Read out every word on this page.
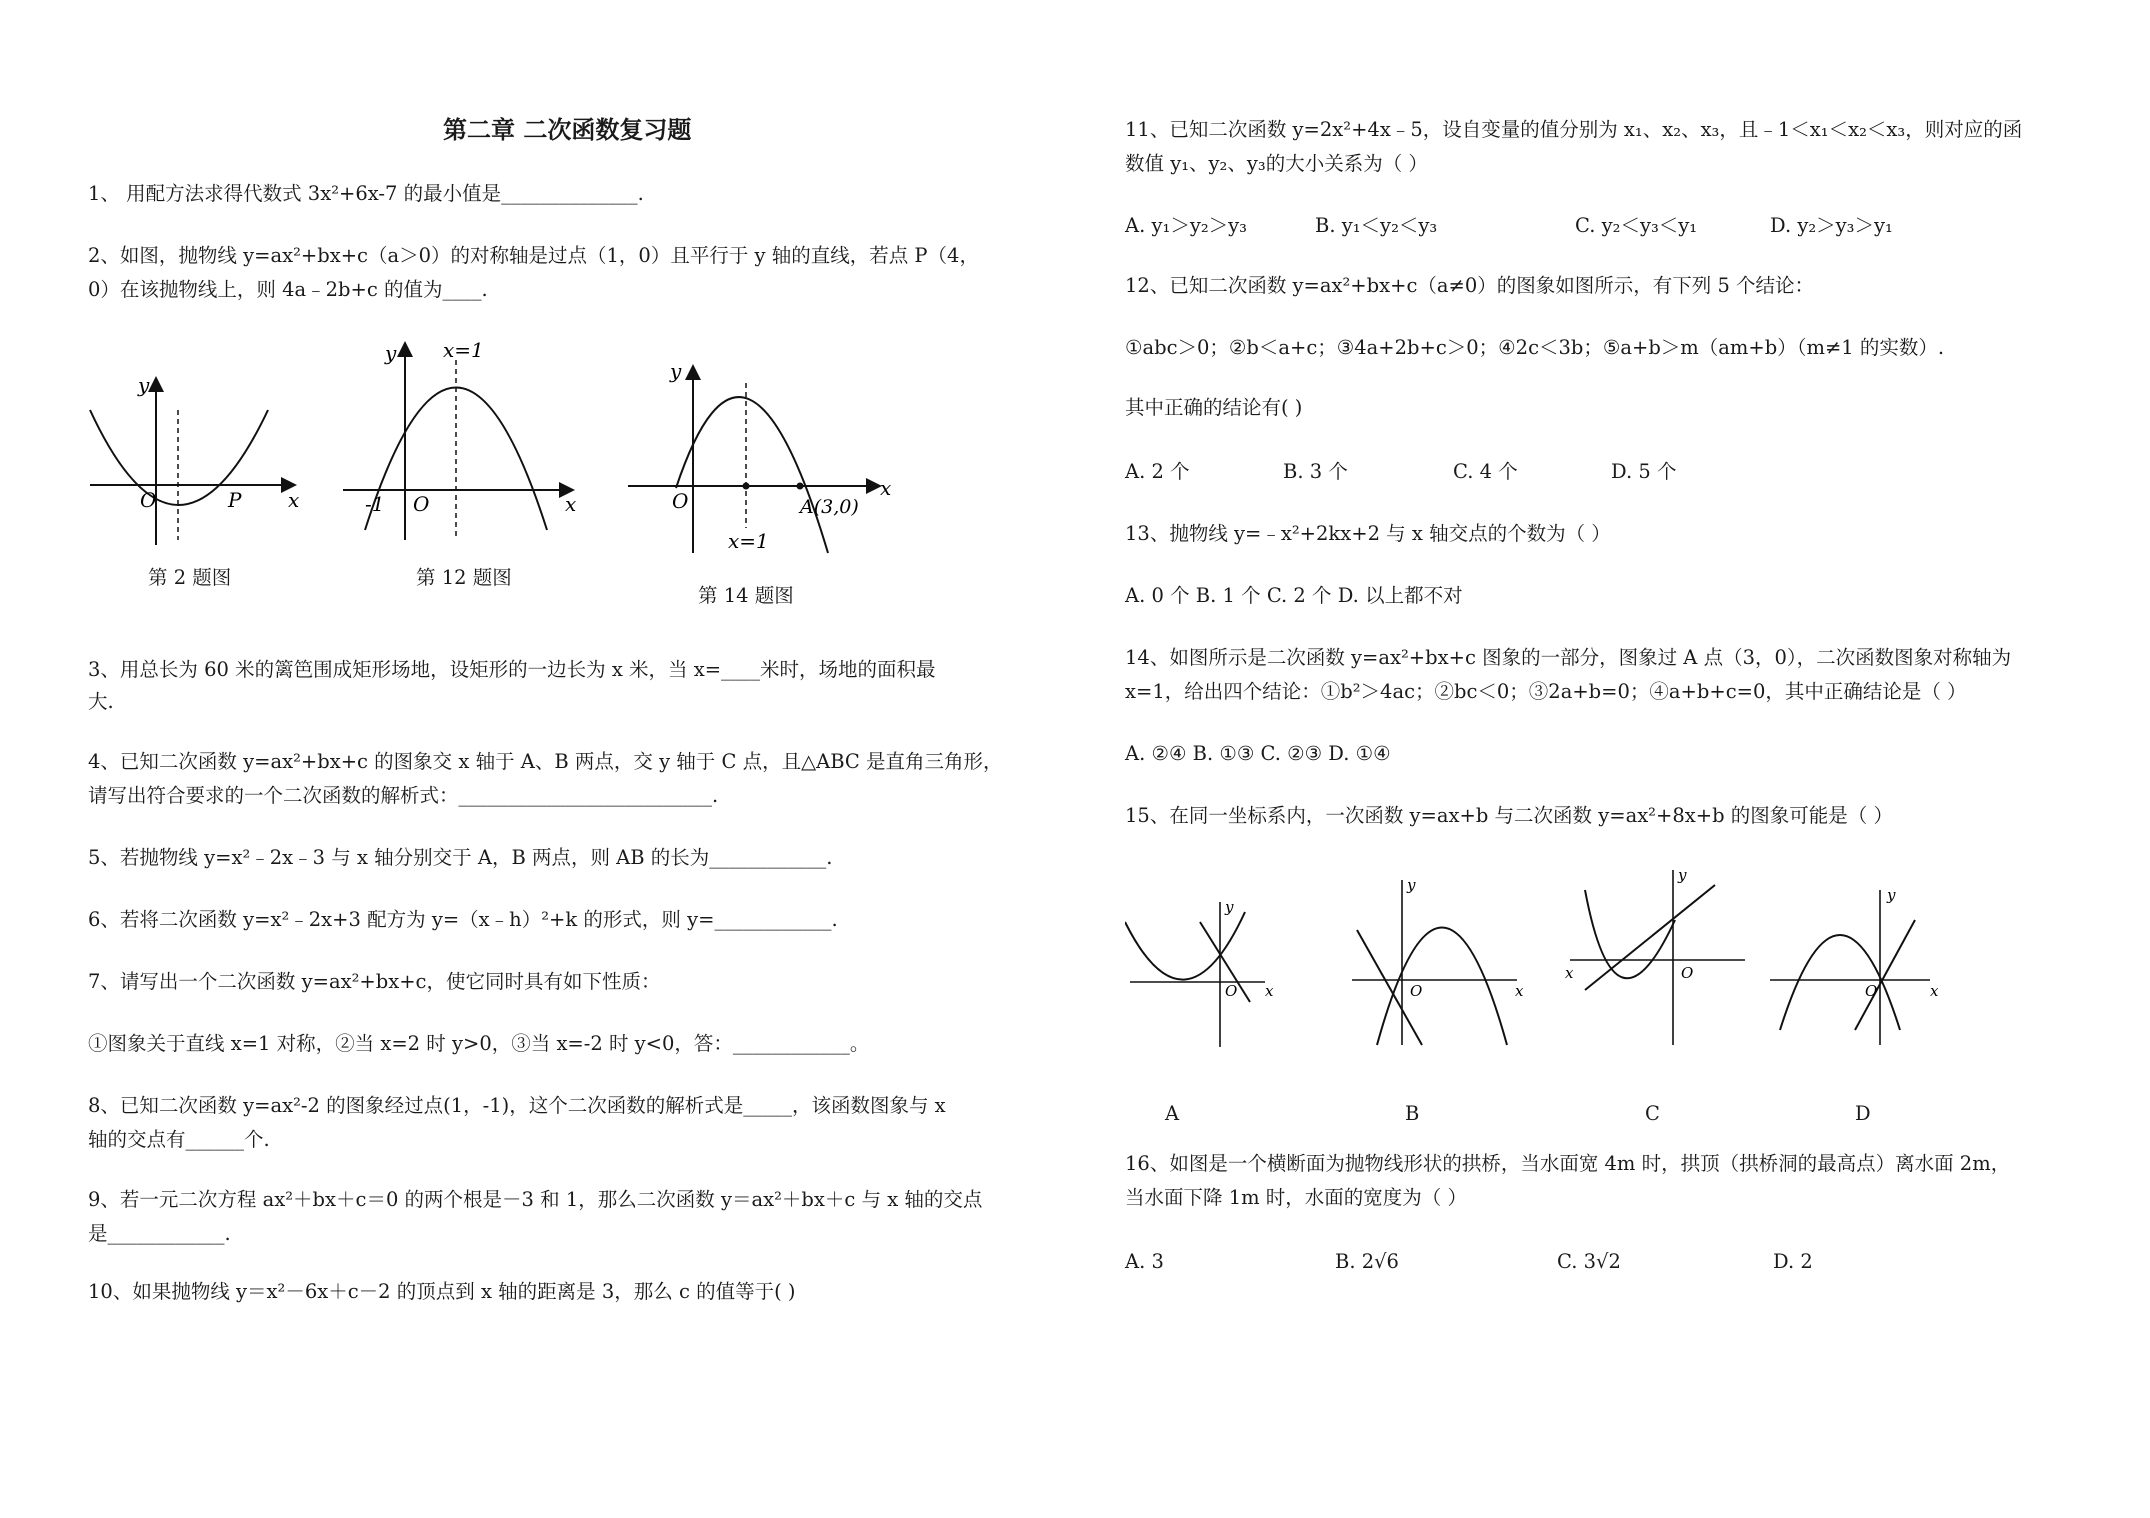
第二章 二次函数复习题
1、 用配方法求得代数式 3x²+6x-7 的最小值是______________.
2、如图，抛物线 y=ax²+bx+c（a＞0）的对称轴是过点（1，0）且平行于 y 轴的直线，若点 P（4，
0）在该抛物线上，则 4a﹣2b+c 的值为____.
y
x
O	P
第 2 题图
y x=1
x
O
-1
第 12 题图
y
x
O	A(3,0)
x=1
第 14 题图
3、用总长为 60 米的篱笆围成矩形场地，设矩形的一边长为 x 米，当 x=____米时，场地的面积最
大.
4、已知二次函数 y=ax²+bx+c 的图象交 x 轴于 A、B 两点，交 y 轴于 C 点，且△ABC 是直角三角形，
请写出符合要求的一个二次函数的解析式：__________________________.
5、若抛物线 y=x²﹣2x﹣3 与 x 轴分别交于 A，B 两点，则 AB 的长为____________.
6、若将二次函数 y=x²﹣2x+3 配方为 y=（x﹣h）²+k 的形式，则 y=____________.
7、请写出一个二次函数 y=ax²+bx+c，使它同时具有如下性质：
①图象关于直线 x=1 对称，②当 x=2 时 y>0，③当 x=-2 时 y<0，答：____________。
8、已知二次函数 y=ax²-2 的图象经过点(1，-1)，这个二次函数的解析式是_____，该函数图象与 x
轴的交点有______个.
9、若一元二次方程 ax²＋bx＋c＝0 的两个根是－3 和 1，那么二次函数 y＝ax²＋bx＋c 与 x 轴的交点
是____________.
10、如果抛物线 y＝x²－6x＋c－2 的顶点到 x 轴的距离是 3，那么 c 的值等于( )
11、已知二次函数 y=2x²+4x﹣5，设自变量的值分别为 x₁、x₂、x₃，且﹣1＜x₁＜x₂＜x₃，则对应的函
数值 y₁、y₂、y₃的大小关系为（ ）
A. y₁＞y₂＞y₃	B. y₁＜y₂＜y₃	C. y₂＜y₃＜y₁	D. y₂＞y₃＞y₁
12、已知二次函数 y=ax²+bx+c（a≠0）的图象如图所示，有下列 5 个结论：
①abc＞0；②b＜a+c；③4a+2b+c＞0；④2c＜3b；⑤a+b＞m（am+b）（m≠1 的实数）.
其中正确的结论有( )
A. 2 个	B. 3 个	C. 4 个	D. 5 个
13、抛物线 y=﹣x²+2kx+2 与 x 轴交点的个数为（ ）
A. 0 个 B. 1 个 C. 2 个 D. 以上都不对
14、如图所示是二次函数 y=ax²+bx+c 图象的一部分，图象过 A 点（3，0），二次函数图象对称轴为
x=1，给出四个结论：①b²＞4ac；②bc＜0；③2a+b=0；④a+b+c=0，其中正确结论是（ ）
A. ②④ B. ①③ C. ②③ D. ①④
15、在同一坐标系内，一次函数 y=ax+b 与二次函数 y=ax²+8x+b 的图象可能是（ ）
y
x
O
y
x
O
y
x	O
y
x
O
A	B	C	D
16、如图是一个横断面为抛物线形状的拱桥，当水面宽 4m 时，拱顶（拱桥洞的最高点）离水面 2m，
当水面下降 1m 时，水面的宽度为（ ）
A. 3	B. 2√6	C. 3√2	D. 2
